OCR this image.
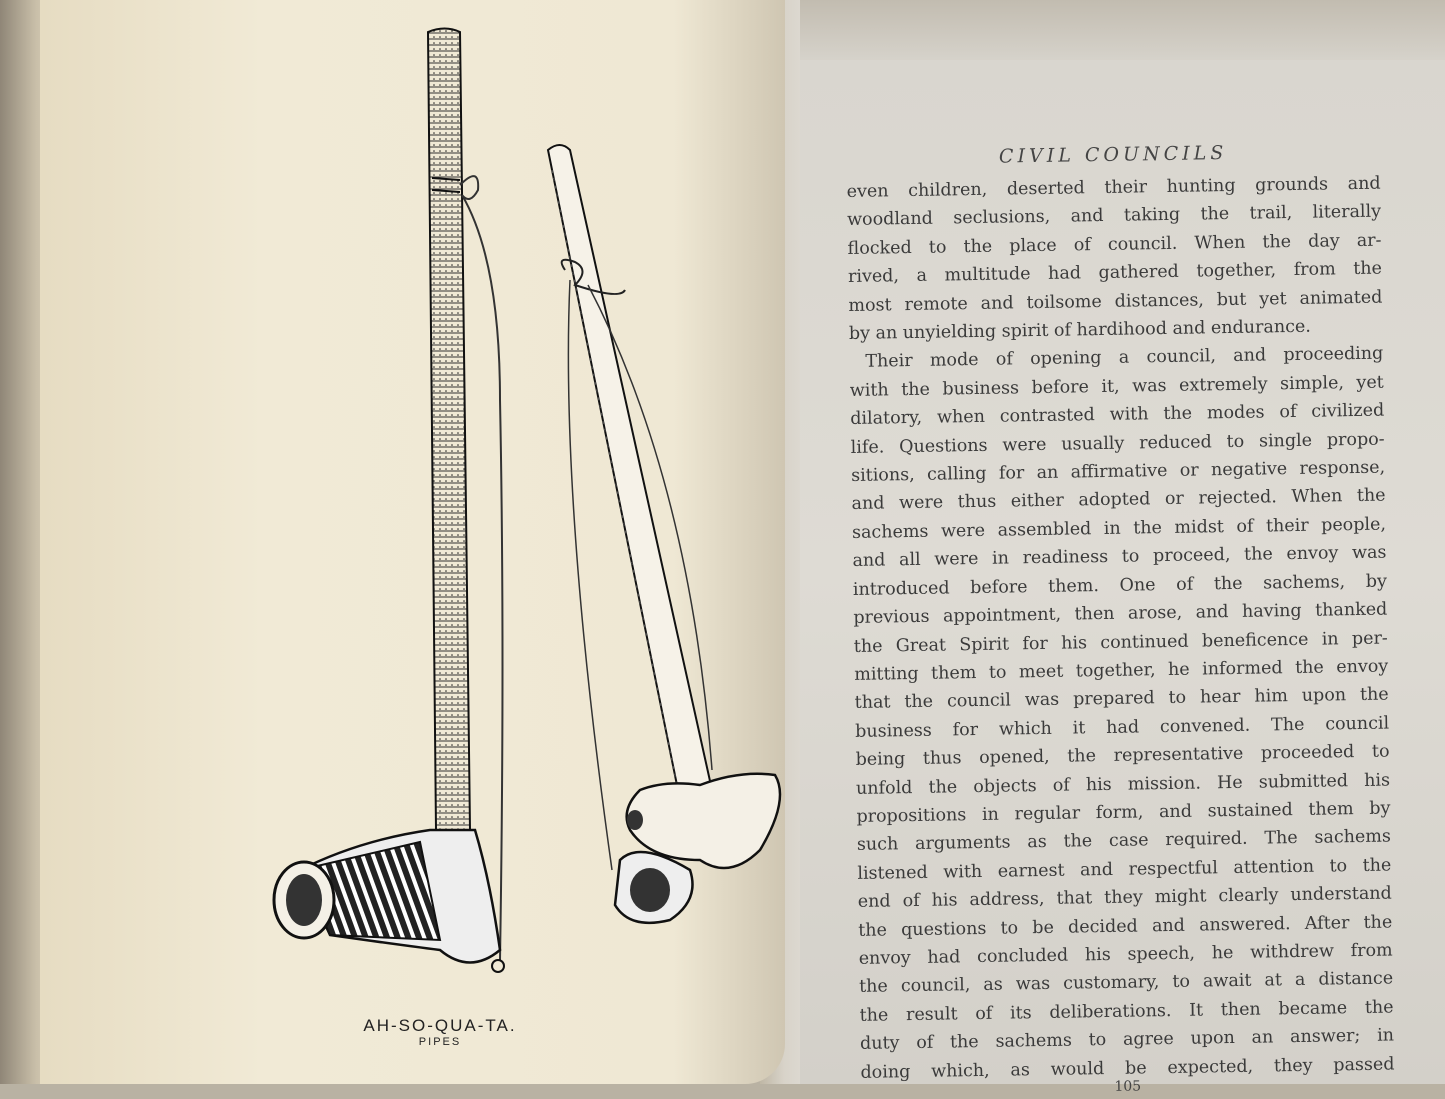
AH-SO-QUA-TA.
PIPES
CIVIL COUNCILS
even children, deserted their hunting grounds and
woodland seclusions, and taking the trail, literally
flocked to the place of council. When the day ar-
rived, a multitude had gathered together, from the
most remote and toilsome distances, but yet animated
by an unyielding spirit of hardihood and endurance.
Their mode of opening a council, and proceeding
with the business before it, was extremely simple, yet
dilatory, when contrasted with the modes of civilized
life. Questions were usually reduced to single propo-
sitions, calling for an affirmative or negative response,
and were thus either adopted or rejected. When the
sachems were assembled in the midst of their people,
and all were in readiness to proceed, the envoy was
introduced before them. One of the sachems, by
previous appointment, then arose, and having thanked
the Great Spirit for his continued beneficence in per-
mitting them to meet together, he informed the envoy
that the council was prepared to hear him upon the
business for which it had convened. The council
being thus opened, the representative proceeded to
unfold the objects of his mission. He submitted his
propositions in regular form, and sustained them by
such arguments as the case required. The sachems
listened with earnest and respectful attention to the
end of his address, that they might clearly understand
the questions to be decided and answered. After the
envoy had concluded his speech, he withdrew from
the council, as was customary, to await at a distance
the result of its deliberations. It then became the
duty of the sachems to agree upon an answer; in
doing which, as would be expected, they passed
105
